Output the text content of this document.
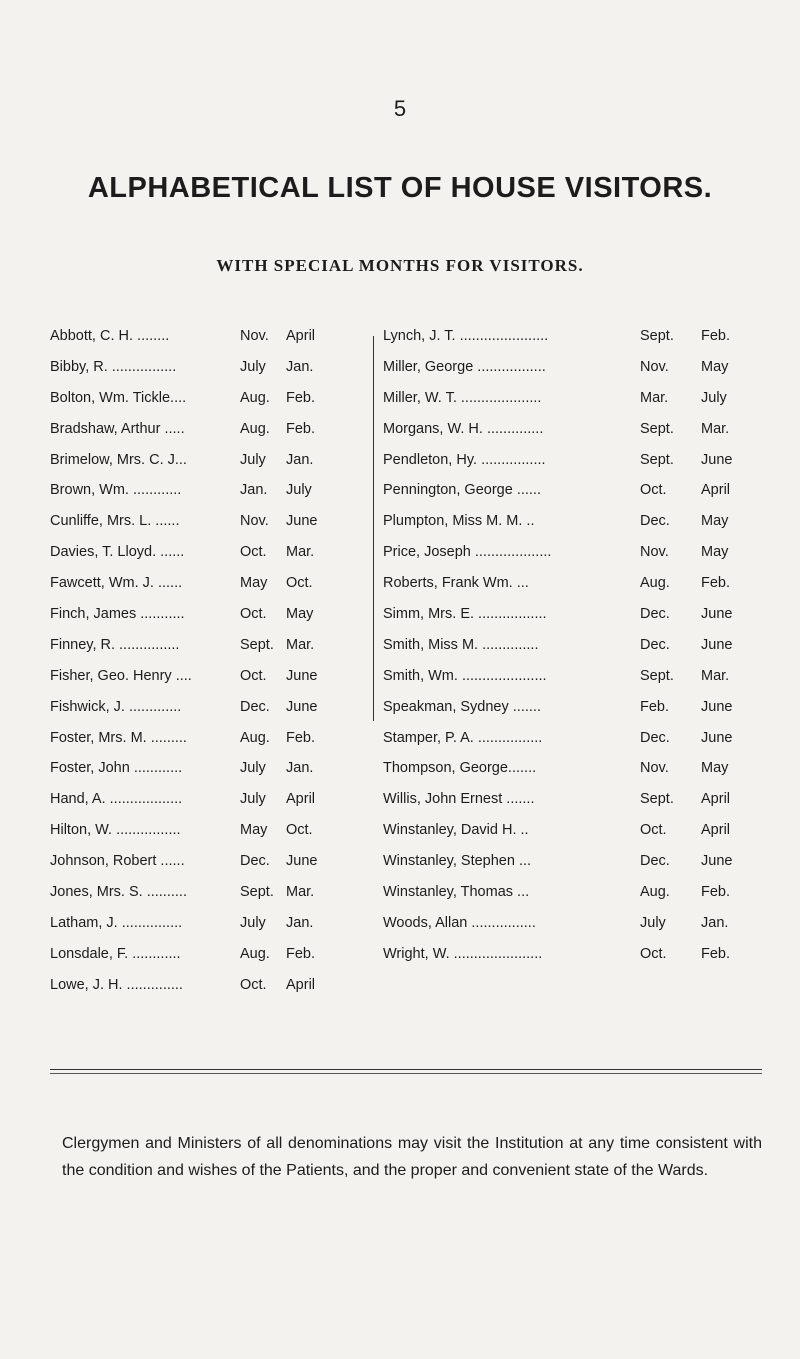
5
ALPHABETICAL LIST OF HOUSE VISITORS.
WITH SPECIAL MONTHS FOR VISITORS.
Abbott, C. H. ........	Nov. April
Bibby, R. ................	July Jan.
Bolton, Wm. Tickle....	Aug. Feb.
Bradshaw, Arthur .....	Aug. Feb.
Brimelow, Mrs. C. J...	July Jan.
Brown, Wm. ............	Jan. July
Cunliffe, Mrs. L. ......	Nov. June
Davies, T. Lloyd. ......	Oct. Mar.
Fawcett, Wm. J. ......	May Oct.
Finch, James ...........	Oct. May
Finney, R. ...............	Sept. Mar.
Fisher, Geo. Henry ....	Oct. June
Fishwick, J. .............	Dec. June
Foster, Mrs. M. .........	Aug. Feb.
Foster, John ............	July Jan.
Hand, A. ..................	July April
Hilton, W. ................	May Oct.
Johnson, Robert ......	Dec. June
Jones, Mrs. S. ..........	Sept. Mar.
Latham, J. ...............	July Jan.
Lonsdale, F. ............	Aug. Feb.
Lowe, J. H. ..............	Oct. April
Lynch, J. T. ......................	Sept. Feb.
Miller, George .................	Nov. May
Miller, W. T. ....................	Mar. July
Morgans, W. H. ..............	Sept. Mar.
Pendleton, Hy. ................	Sept. June
Pennington, George ......	Oct. April
Plumpton, Miss M. M. ..	Dec. May
Price, Joseph ...................	Nov. May
Roberts, Frank Wm. ...	Aug. Feb.
Simm, Mrs. E. .................	Dec. June
Smith, Miss M. ..............	Dec. June
Smith, Wm. .....................	Sept. Mar.
Speakman, Sydney .......	Feb. June
Stamper, P. A. ................	Dec. June
Thompson, George.......	Nov. May
Willis, John Ernest .......	Sept. April
Winstanley, David H. ..	Oct. April
Winstanley, Stephen ...	Dec. June
Winstanley, Thomas ...	Aug. Feb.
Woods, Allan ................	July Jan.
Wright, W. ......................	Oct. Feb.
Clergymen and Ministers of all denominations may visit the Institution at any time consistent with the condition and wishes of the Patients, and the proper and convenient state of the Wards.
